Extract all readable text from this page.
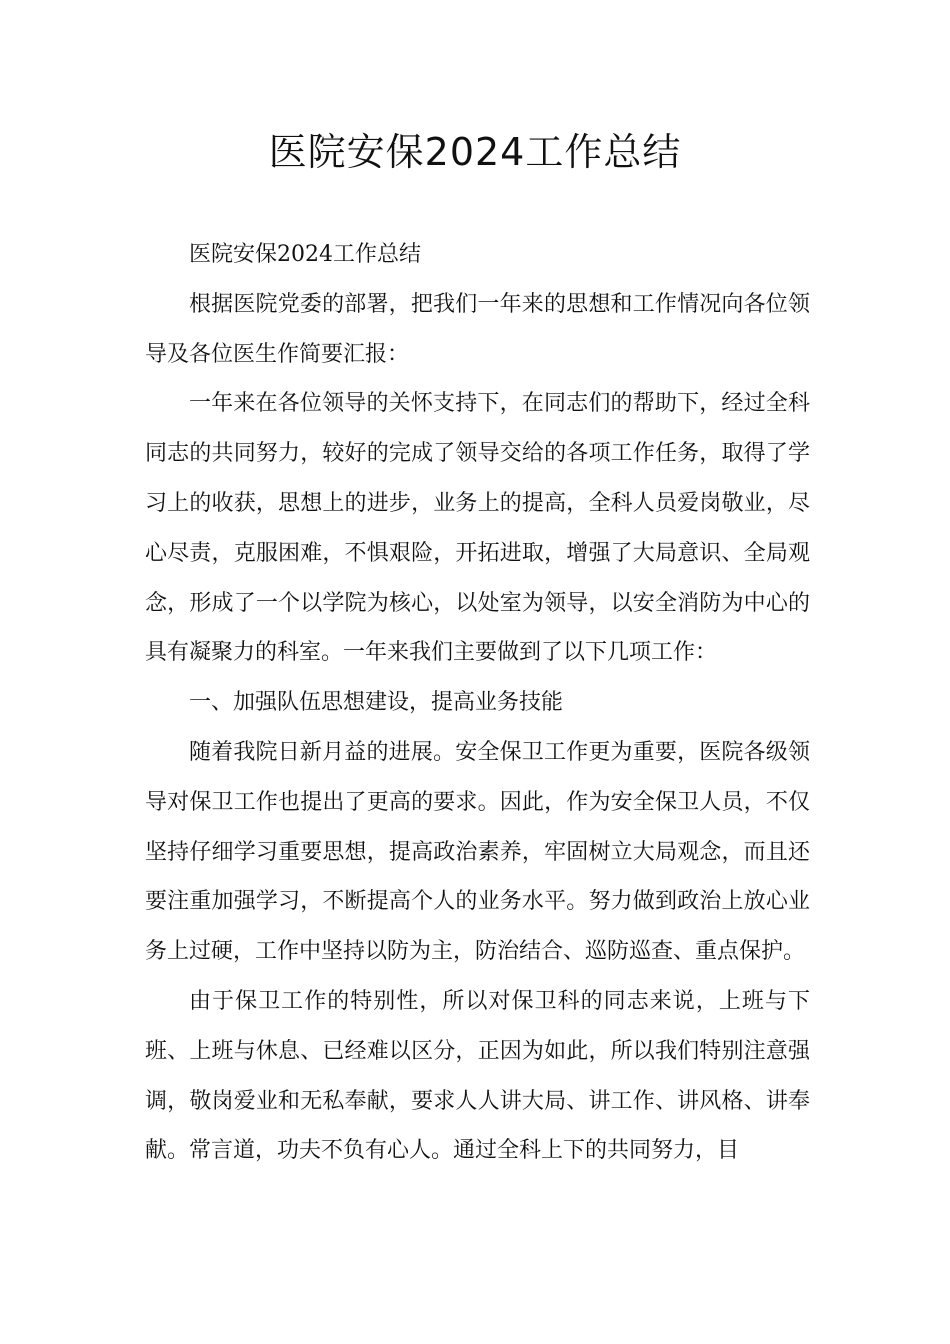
医院安保2024工作总结

医院安保2024工作总结

根据医院党委的部署，把我们一年来的思想和工作情况向各位领导及各位医生作简要汇报：

一年来在各位领导的关怀支持下，在同志们的帮助下，经过全科同志的共同努力，较好的完成了领导交给的各项工作任务，取得了学习上的收获，思想上的进步，业务上的提高，全科人员爱岗敬业，尽心尽责，克服困难，不惧艰险，开拓进取，增强了大局意识、全局观念，形成了一个以学院为核心，以处室为领导，以安全消防为中心的具有凝聚力的科室。一年来我们主要做到了以下几项工作：

一、加强队伍思想建设，提高业务技能

随着我院日新月益的进展。安全保卫工作更为重要，医院各级领导对保卫工作也提出了更高的要求。因此，作为安全保卫人员，不仅坚持仔细学习重要思想，提高政治素养，牢固树立大局观念，而且还要注重加强学习，不断提高个人的业务水平。努力做到政治上放心业务上过硬，工作中坚持以防为主，防治结合、巡防巡查、重点保护。

由于保卫工作的特别性，所以对保卫科的同志来说，上班与下班、上班与休息、已经难以区分，正因为如此，所以我们特别注意强调，敬岗爱业和无私奉献，要求人人讲大局、讲工作、讲风格、讲奉献。常言道，功夫不负有心人。通过全科上下的共同努力，目
